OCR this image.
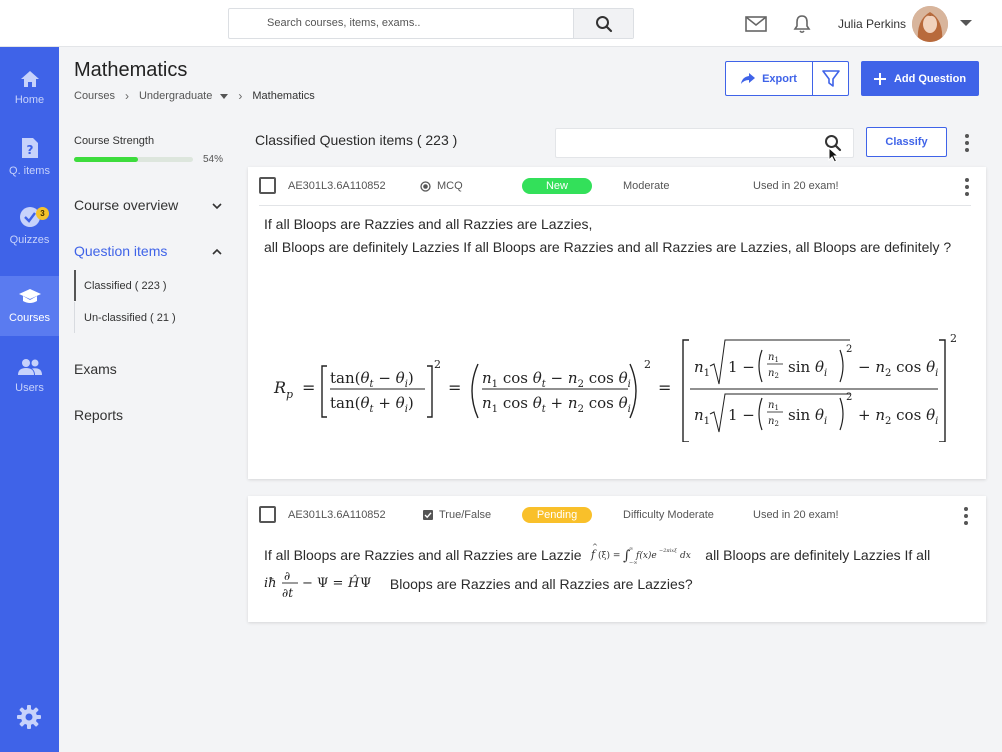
Search courses, items, exams..	Julia Perkins
Home
?
Q. items
3
Quizzes
Courses
Users
Mathematics
Courses › Undergraduate › Mathematics
Export	Add Question
Course Strength
54%
Course overview
Question items
Classified ( 223 )
Un-classified ( 21 )
Exams
Reports
Classified Question items ( 223 )	Classify
AE301L3.6A110852	MCQ	New	Moderate	Used in 20 exam!
If all Bloops are Razzies and all Razzies are Lazzies,
all Bloops are definitely Lazzies If all Bloops are Razzies and all Razzies are Lazzies, all Bloops are definitely ?
R $p = \tan(\theta_t - \theta_i)$
$\tan(\theta_t + \theta_i)$
2
= $n_1$ $\cos \theta_t - n_2$ $\cos \theta_i$
$n_1$ $\cos \theta_t + n_2$ $\cos \theta_i$
2
=
$n_1$ 1 −
$n_1$
$n_2$ $\sin \theta_i$
2
− $n_2$ $\cos \theta_i$
$n_1$ 1 −
$n_1$
$n_2$ $\sin \theta_i$
2
+ $n_2$ $\cos \theta_i$
2
AE301L3.6A110852	True/False	Pending	Difficulty Moderate	Used in 20 exam!
If all Bloops are Razzies and all Razzies are Lazzie f
^
(ξ) = ∫
∞
−∞
f(x)e −2πixξ dx all Bloops are definitely Lazzies If all

iħ ∂
∂t
− Ψ = Ĥ Ψ Bloops are Razzies and all Razzies are Lazzies?
